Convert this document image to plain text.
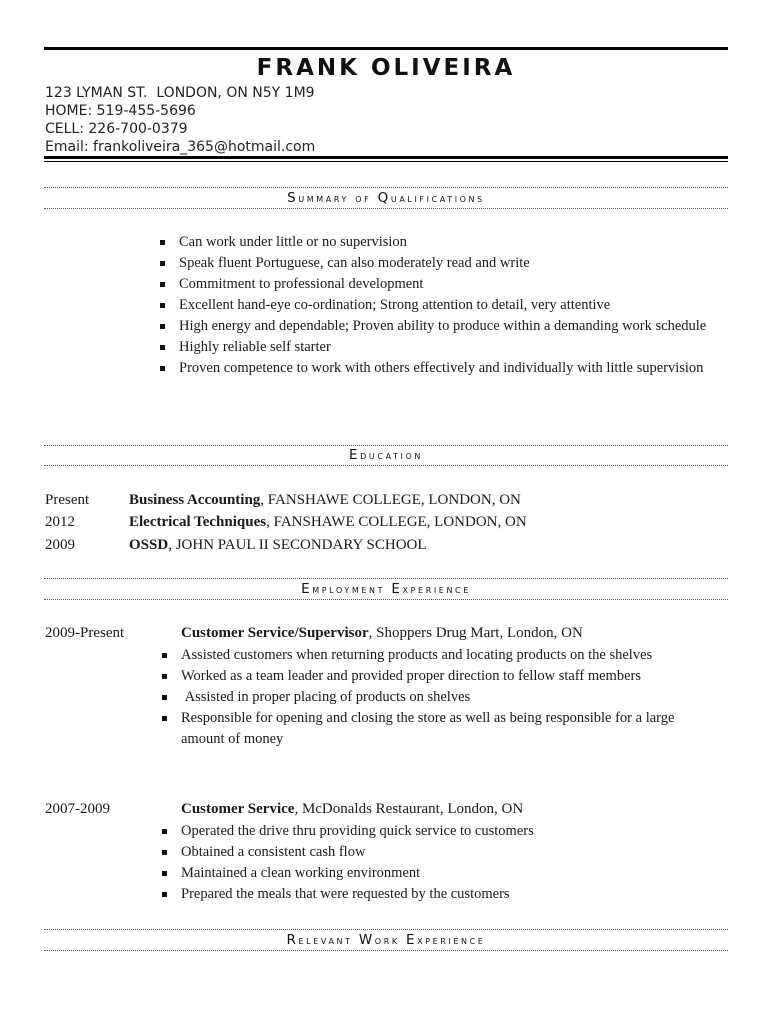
FRANK OLIVEIRA
123 LYMAN ST.  LONDON, ON N5Y 1M9
HOME: 519-455-5696
CELL: 226-700-0379
Email: frankoliveira_365@hotmail.com
Summary of Qualifications
Can work under little or no supervision
Speak fluent Portuguese, can also moderately read and write
Commitment to professional development
Excellent hand-eye co-ordination; Strong attention to detail, very attentive
High energy and dependable; Proven ability to produce within a demanding work schedule
Highly reliable self starter
Proven competence to work with others effectively and individually with little supervision
Education
Present	Business Accounting, FANSHAWE COLLEGE, LONDON, ON
2012	Electrical Techniques, FANSHAWE COLLEGE, LONDON, ON
2009	OSSD, JOHN PAUL II SECONDARY SCHOOL
Employment Experience
2009-Present	Customer Service/Supervisor, Shoppers Drug Mart, London, ON
Assisted customers when returning products and locating products on the shelves
Worked as a team leader and provided proper direction to fellow staff members
Assisted in proper placing of products on shelves
Responsible for opening and closing the store as well as being responsible for a large amount of money
2007-2009	Customer Service, McDonalds Restaurant, London, ON
Operated the drive thru providing quick service to customers
Obtained a consistent cash flow
Maintained a clean working environment
Prepared the meals that were requested by the customers
Relevant Work Experience
